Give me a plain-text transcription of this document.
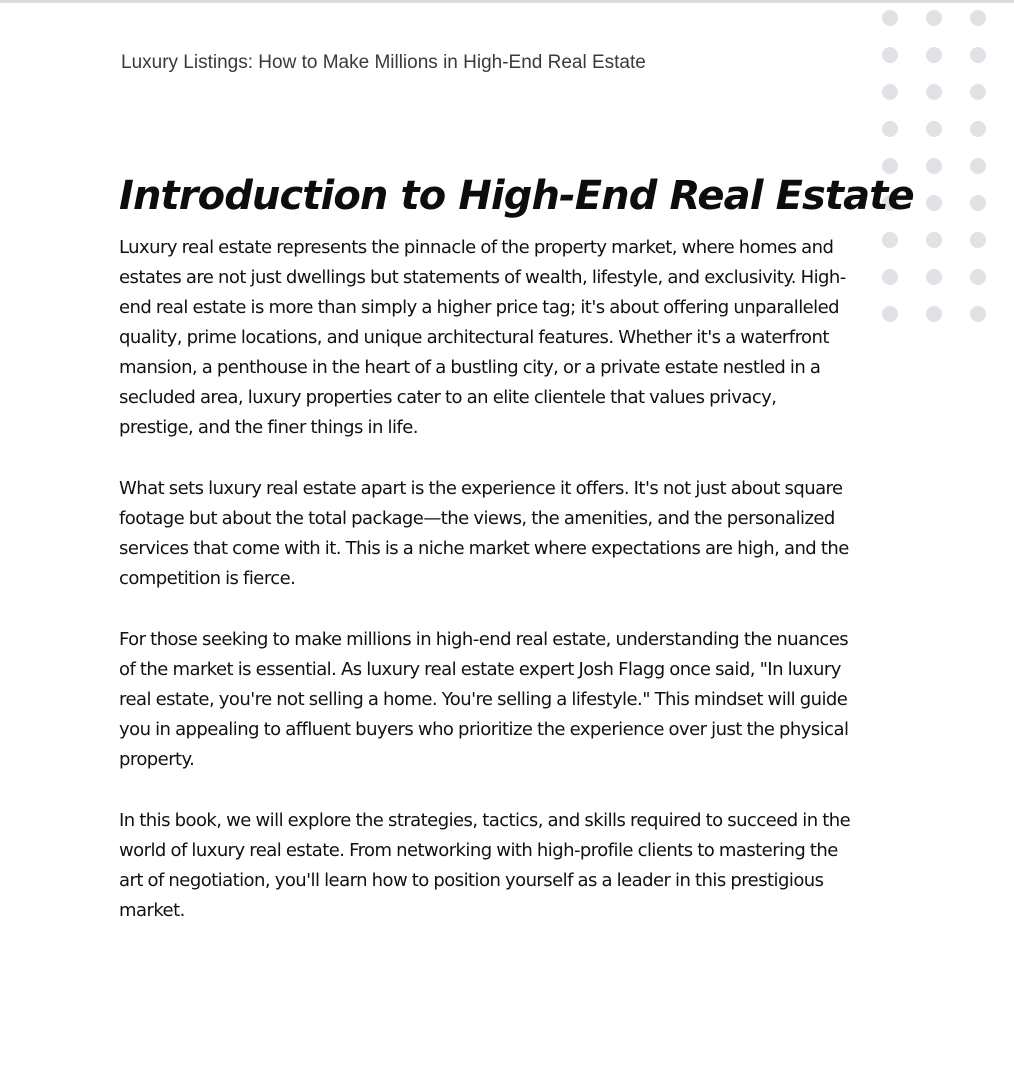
Luxury Listings: How to Make Millions in High-End Real Estate
Introduction to High-End Real Estate

Luxury real estate represents the pinnacle of the property market, where homes and estates are not just dwellings but statements of wealth, lifestyle, and exclusivity. High-end real estate is more than simply a higher price tag; it's about offering unparalleled quality, prime locations, and unique architectural features. Whether it's a waterfront mansion, a penthouse in the heart of a bustling city, or a private estate nestled in a secluded area, luxury properties cater to an elite clientele that values privacy, prestige, and the finer things in life.

What sets luxury real estate apart is the experience it offers. It's not just about square footage but about the total package—the views, the amenities, and the personalized services that come with it. This is a niche market where expectations are high, and the competition is fierce.

For those seeking to make millions in high-end real estate, understanding the nuances of the market is essential. As luxury real estate expert Josh Flagg once said, "In luxury real estate, you're not selling a home. You're selling a lifestyle." This mindset will guide you in appealing to affluent buyers who prioritize the experience over just the physical property.

In this book, we will explore the strategies, tactics, and skills required to succeed in the world of luxury real estate. From networking with high-profile clients to mastering the art of negotiation, you'll learn how to position yourself as a leader in this prestigious market.
